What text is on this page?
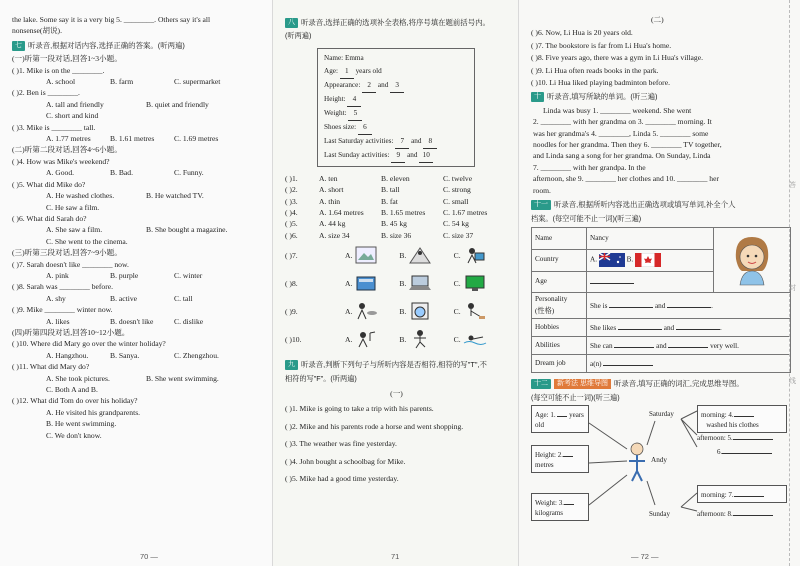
the lake. Some say it is a very big 5. ________. Others say it's all
nonsense(胡说).
七 听录音,根据对话内容,选择正确的答案。(听两遍)
(一)听第一段对话,回答1~3小题。
( )1. Mike is on the ________.
A. school	B. farm	C. supermarket
( )2. Ben is ________.
A. tall and friendly	B. quiet and friendly
C. short and kind
( )3. Mike is ________ tall.
A. 1.77 metres	B. 1.61 metres	C. 1.69 metres
(二)听第二段对话,回答4~6小题。
( )4. How was Mike's weekend?
A. Good.	B. Bad.	C. Funny.
( )5. What did Mike do?
A. He washed clothes.	B. He watched TV.
C. He saw a film.
( )6. What did Sarah do?
A. She saw a film.	B. She bought a magazine.
C. She went to the cinema.
(三)听第三段对话,回答7~9小题。
( )7. Sarah doesn't like ________ now.
A. pink	B. purple	C. winter
( )8. Sarah was ________ before.
A. shy	B. active	C. tall
( )9. Mike ________ winter now.
A. likes	B. doesn't like	C. dislike
(四)听第四段对话,回答10~12小题。
( )10. Where did Mary go over the winter holiday?
A. Hangzhou.	B. Sanya.	C. Zhengzhou.
( )11. What did Mary do?
A. She took pictures.	B. She went swimming.
C. Both A and B.
( )12. What did Tom do over his holiday?
A. He visited his grandparents.
B. He went swimming.
C. We don't know.
70 —
八 听录音,选择正确的选项补全表格,将序号填在题前括号内。
(听两遍)
Name: Emma
Age: 1 years old
Appearance: 2 and 3
Height: 4
Weight: 5
Shoes size: 6
Last Saturday activities: 7 and 8
Last Sunday activities: 9 and 10
( )1.	A. ten	B. eleven	C. twelve
( )2.	A. short	B. tall	C. strong
( )3.	A. thin	B. fat	C. small
( )4.	A. 1.64 metres	B. 1.65 metres	C. 1.67 metres
( )5.	A. 44 kg	B. 45 kg	C. 54 kg
( )6.	A. size 34	B. size 36	C. size 37
( )7.	A.	B.	C.
( )8.	A.	B.	C.
( )9.	A.	B.	C.
( )10.	A.	B.	C.
九 听录音,判断下列句子与所听内容是否相符,相符的写"T",不
相符的写"F"。(听两遍)
(一)
( )1. Mike is going to take a trip with his parents.
( )2. Mike and his parents rode a horse and went shopping.
( )3. The weather was fine yesterday.
( )4. John bought a schoolbag for Mike.
( )5. Mike had a good time yesterday.
71
答
封
线
(二)
( )6. Now, Li Hua is 20 years old.
( )7. The bookstore is far from Li Hua's home.
( )8. Five years ago, there was a gym in Li Hua's village.
( )9. Li Hua often reads books in the park.
( )10. Li Hua liked playing badminton before.
十 听录音,填写所缺的单词。(听三遍)
Linda was busy 1. ________ weekend. She went
2. ________ with her grandma on 3. ________ morning. It
was her grandma's 4. ________, Linda 5. ________ some
noodles for her grandma. Then they 6. ________ TV together,
and Linda sang a song for her grandma. On Sunday, Linda
7. ________ with her grandpa. In the
afternoon, she 9. ________ her clothes and 10. ________ her
room.
十一 听录音,根据所听内容选出正确选项或填写单词,补全个人
档案。(每空可能不止一词)(听三遍)
Name	Nancy	
Country	A. B.	
Age		
Personality
(性格)	She is and .	
Hobbies	She likes and .	
Abilities	She can and very well.	
Dream job	a(n)	
十二	新考法 思维导图 听录音,填写正确的词汇,完成思维导图。
(每空可能不止一词)(听三遍)
Age: 1.  years
old
Height: 2.
metres
Weight: 3.
kilograms
Andy
Saturday
Sunday
morning: 4.
washed his clothes
afternoon: 5.
6.
morning: 7.
afternoon: 8.
— 72 —
